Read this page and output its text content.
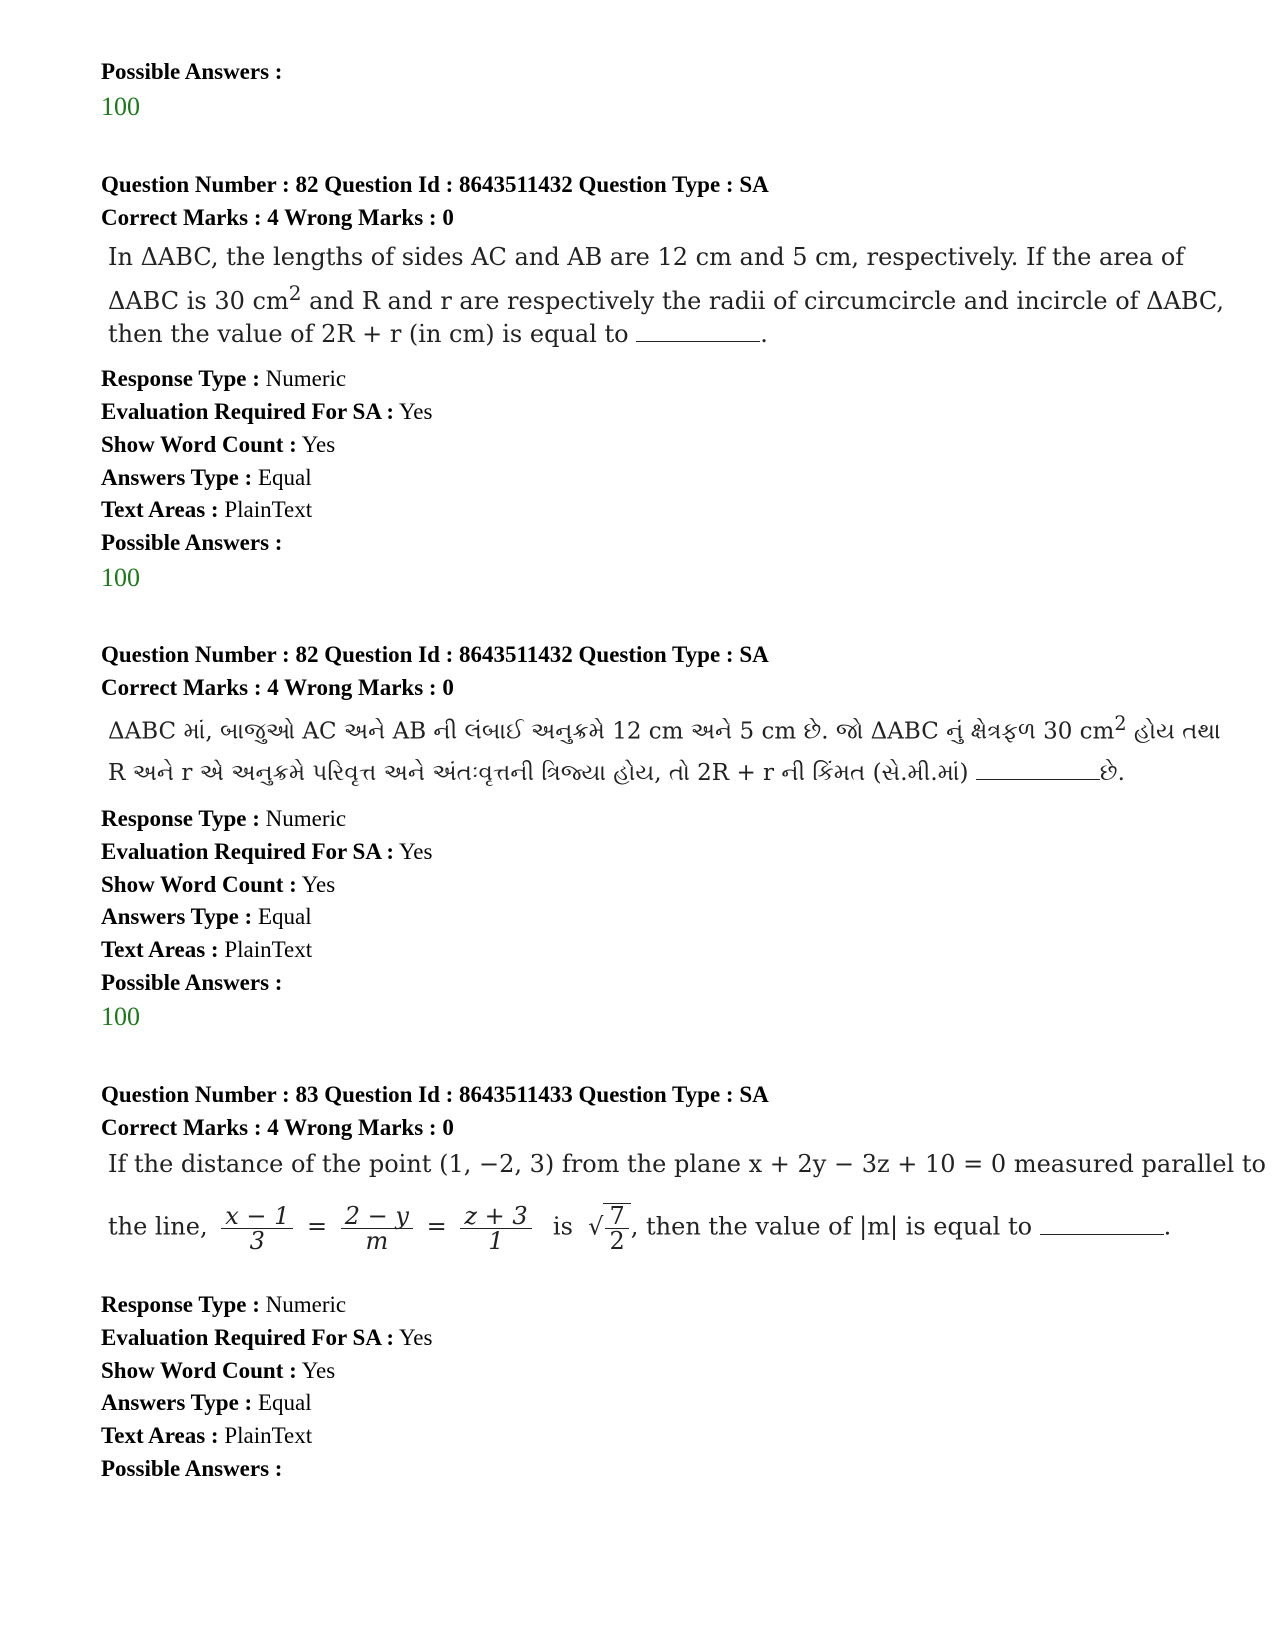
Possible Answers :
100
Question Number : 82 Question Id : 8643511432 Question Type : SA
Correct Marks : 4 Wrong Marks : 0
In ΔABC, the lengths of sides AC and AB are 12 cm and 5 cm, respectively. If the area of
ΔABC is 30 $cm^2$ and R and r are respectively the radii of circumcircle and incircle of ΔABC,
then the value of 2R + r (in cm) is equal to	.
Response Type : Numeric
Evaluation Required For SA : Yes
Show Word Count : Yes
Answers Type : Equal
Text Areas : PlainText
Possible Answers :
100
Question Number : 82 Question Id : 8643511432 Question Type : SA
Correct Marks : 4 Wrong Marks : 0
ΔABC માં, બાજુઓ AC અને AB ની લંબાઈ અનુક્રમે 12 cm અને 5 cm છે. જો ΔABC નું ક્ષેત્રફળ 30 $cm^2$ હોય તથા
R અને r એ અનુક્રમે પરિવૃત્ત અને અંતઃવૃત્તની ત્રિજ્યા હોય, તો 2R + r ની કિંમત (સે.મી.માં)	છે.
Response Type : Numeric
Evaluation Required For SA : Yes
Show Word Count : Yes
Answers Type : Equal
Text Areas : PlainText
Possible Answers :
100
Question Number : 83 Question Id : 8643511433 Question Type : SA
Correct Marks : 4 Wrong Marks : 0
If the distance of the point (1, −2, 3) from the plane x + 2y − 3z + 10 = 0 measured parallel to
the line, $\frac{x - 1}{3} = \frac{2 - y}{m} = \frac{z + 3}{1}$ is √ $\frac{7}{2}$ , then the value of |m| is equal to	.
Response Type : Numeric
Evaluation Required For SA : Yes
Show Word Count : Yes
Answers Type : Equal
Text Areas : PlainText
Possible Answers :
